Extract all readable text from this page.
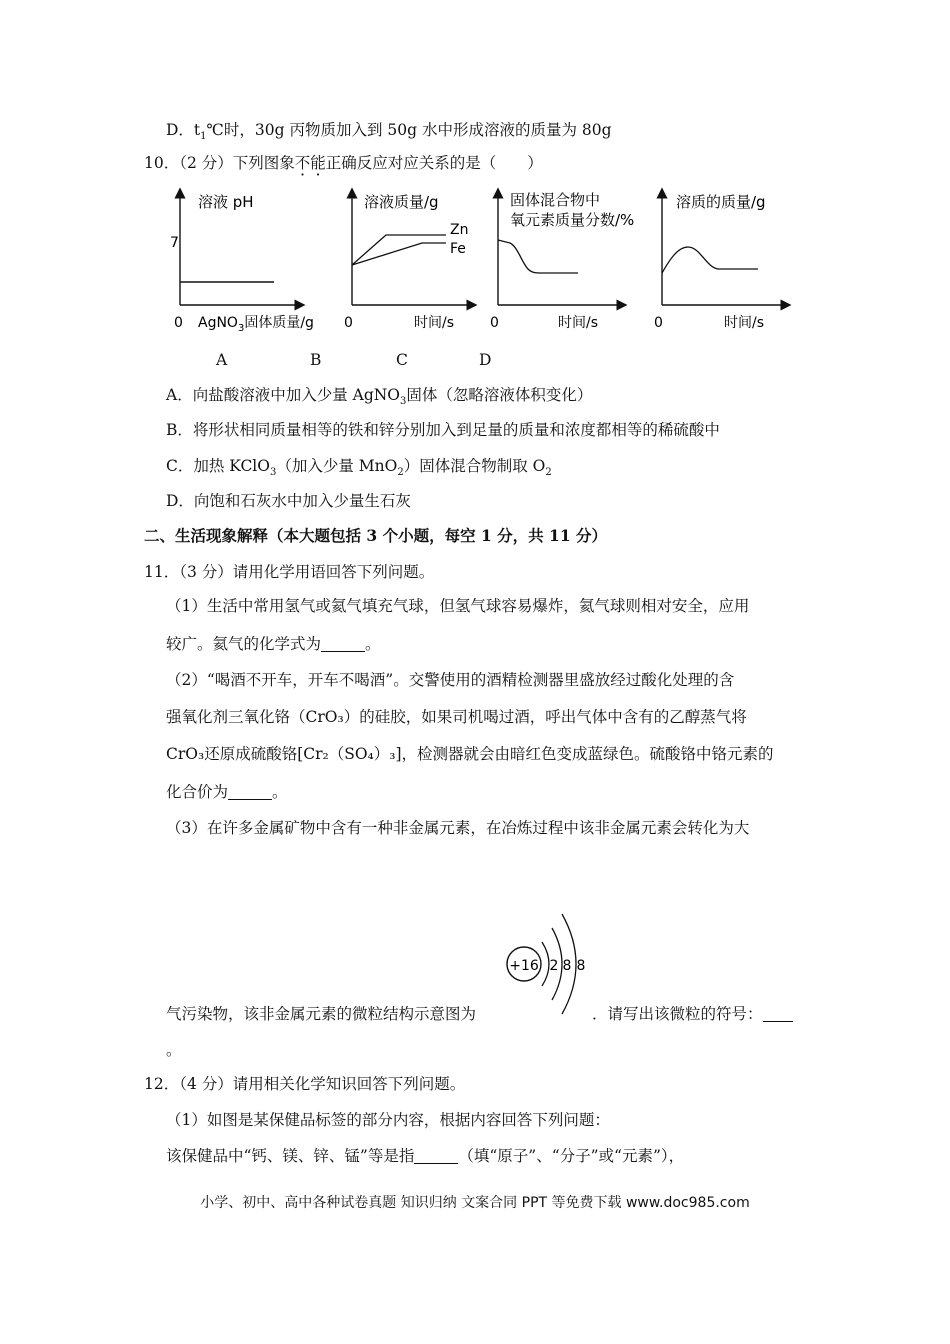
D．$t_1℃$时，30g 丙物质加入到 50g 水中形成溶液的质量为 80g
10．（2 分）下列图象不能正确反应对应关系的是（　　）
溶液 pH
7
0 AgNO$_3$固体质量/g
溶液质量/g
Zn
Fe
0	时间/s
固体混合物中
氧元素质量分数/%
0	时间/s
溶质的质量/g
0	时间/s
A	B	C	D
A．向盐酸溶液中加入少量 AgNO$_3$固体（忽略溶液体积变化）
B．将形状相同质量相等的铁和锌分别加入到足量的质量和浓度都相等的稀硫酸中
C．加热 KClO$_3$（加入少量 MnO$_2$）固体混合物制取 $O_2$
D．向饱和石灰水中加入少量生石灰
二、生活现象解释（本大题包括 3 个小题，每空 1 分，共 11 分）
11．（3 分）请用化学用语回答下列问题。
（1）生活中常用氢气或氦气填充气球，但氢气球容易爆炸，氦气球则相对安全，应用
较广。氦气的化学式为	。
（2）“喝酒不开车，开车不喝酒”。交警使用的酒精检测器里盛放经过酸化处理的含
强氧化剂三氧化铬（CrO₃）的硅胶，如果司机喝过酒，呼出气体中含有的乙醇蒸气将
CrO₃还原成硫酸铬[Cr₂（SO₄）₃]，检测器就会由暗红色变成蓝绿色。硫酸铬中铬元素的
化合价为	。
（3）在许多金属矿物中含有一种非金属元素，在冶炼过程中该非金属元素会转化为大
+16 2 8 8
气污染物，该非金属元素的微粒结构示意图为	．请写出该微粒的符号：
。
12．（4 分）请用相关化学知识回答下列问题。
（1）如图是某保健品标签的部分内容，根据内容回答下列问题：
该保健品中“钙、镁、锌、锰”等是指	（填“原子”、“分子”或“元素”），
小学、初中、高中各种试卷真题 知识归纳 文案合同 PPT 等免费下载 www.doc985.com
